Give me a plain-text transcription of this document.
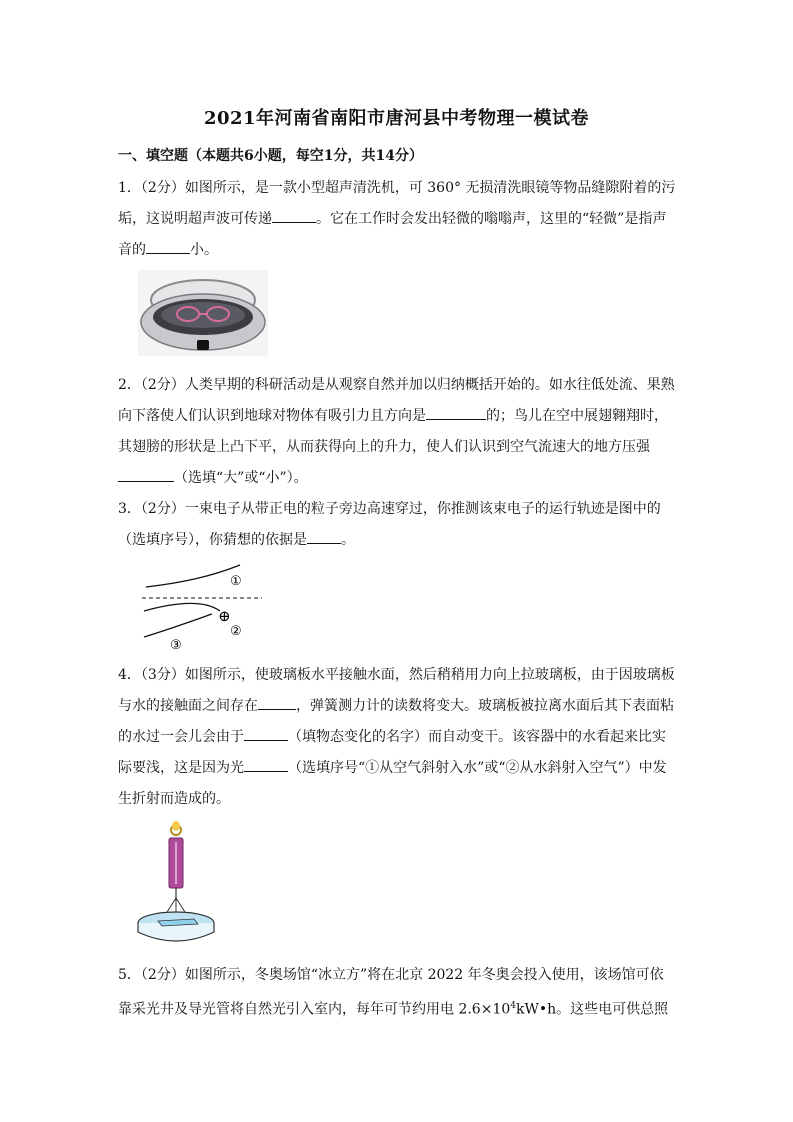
2021年河南省南阳市唐河县中考物理一模试卷
一、填空题（本题共6小题，每空1分，共14分）
1．（2分）如图所示，是一款小型超声清洗机，可 360° 无损清洗眼镜等物品缝隙附着的污垢，这说明超声波可传递	。它在工作时会发出轻微的嗡嗡声，这里的“轻微”是指声音的	小。
2．（2分）人类早期的科研活动是从观察自然并加以归纳概括开始的。如水往低处流、果熟向下落使人们认识到地球对物体有吸引力且方向是	的；鸟儿在空中展翅翱翔时，其翅膀的形状是上凸下平，从而获得向上的升力，使人们认识到空气流速大的地方压强（选填“大”或“小”）。
3．（2分）一束电子从带正电的粒子旁边高速穿过，你推测该束电子的运行轨迹是图中的（选填序号），你猜想的依据是 。
①
⊕
②
③
4．（3分）如图所示，使玻璃板水平接触水面，然后稍稍用力向上拉玻璃板，由于因玻璃板与水的接触面之间存在	，弹簧测力计的读数将变大。玻璃板被拉离水面后其下表面粘的水过一会儿会由于	（填物态变化的名字）而自动变干。该容器中的水看起来比实际要浅，这是因为光	（选填序号“①从空气斜射入水”或“②从水斜射入空气”）中发生折射而造成的。
5．（2分）如图所示，冬奥场馆“冰立方”将在北京 2022 年冬奥会投入使用，该场馆可依靠采光井及导光管将自然光引入室内，每年可节约用电 $2.6\times 10^4kW•h$。这些电可供总照
